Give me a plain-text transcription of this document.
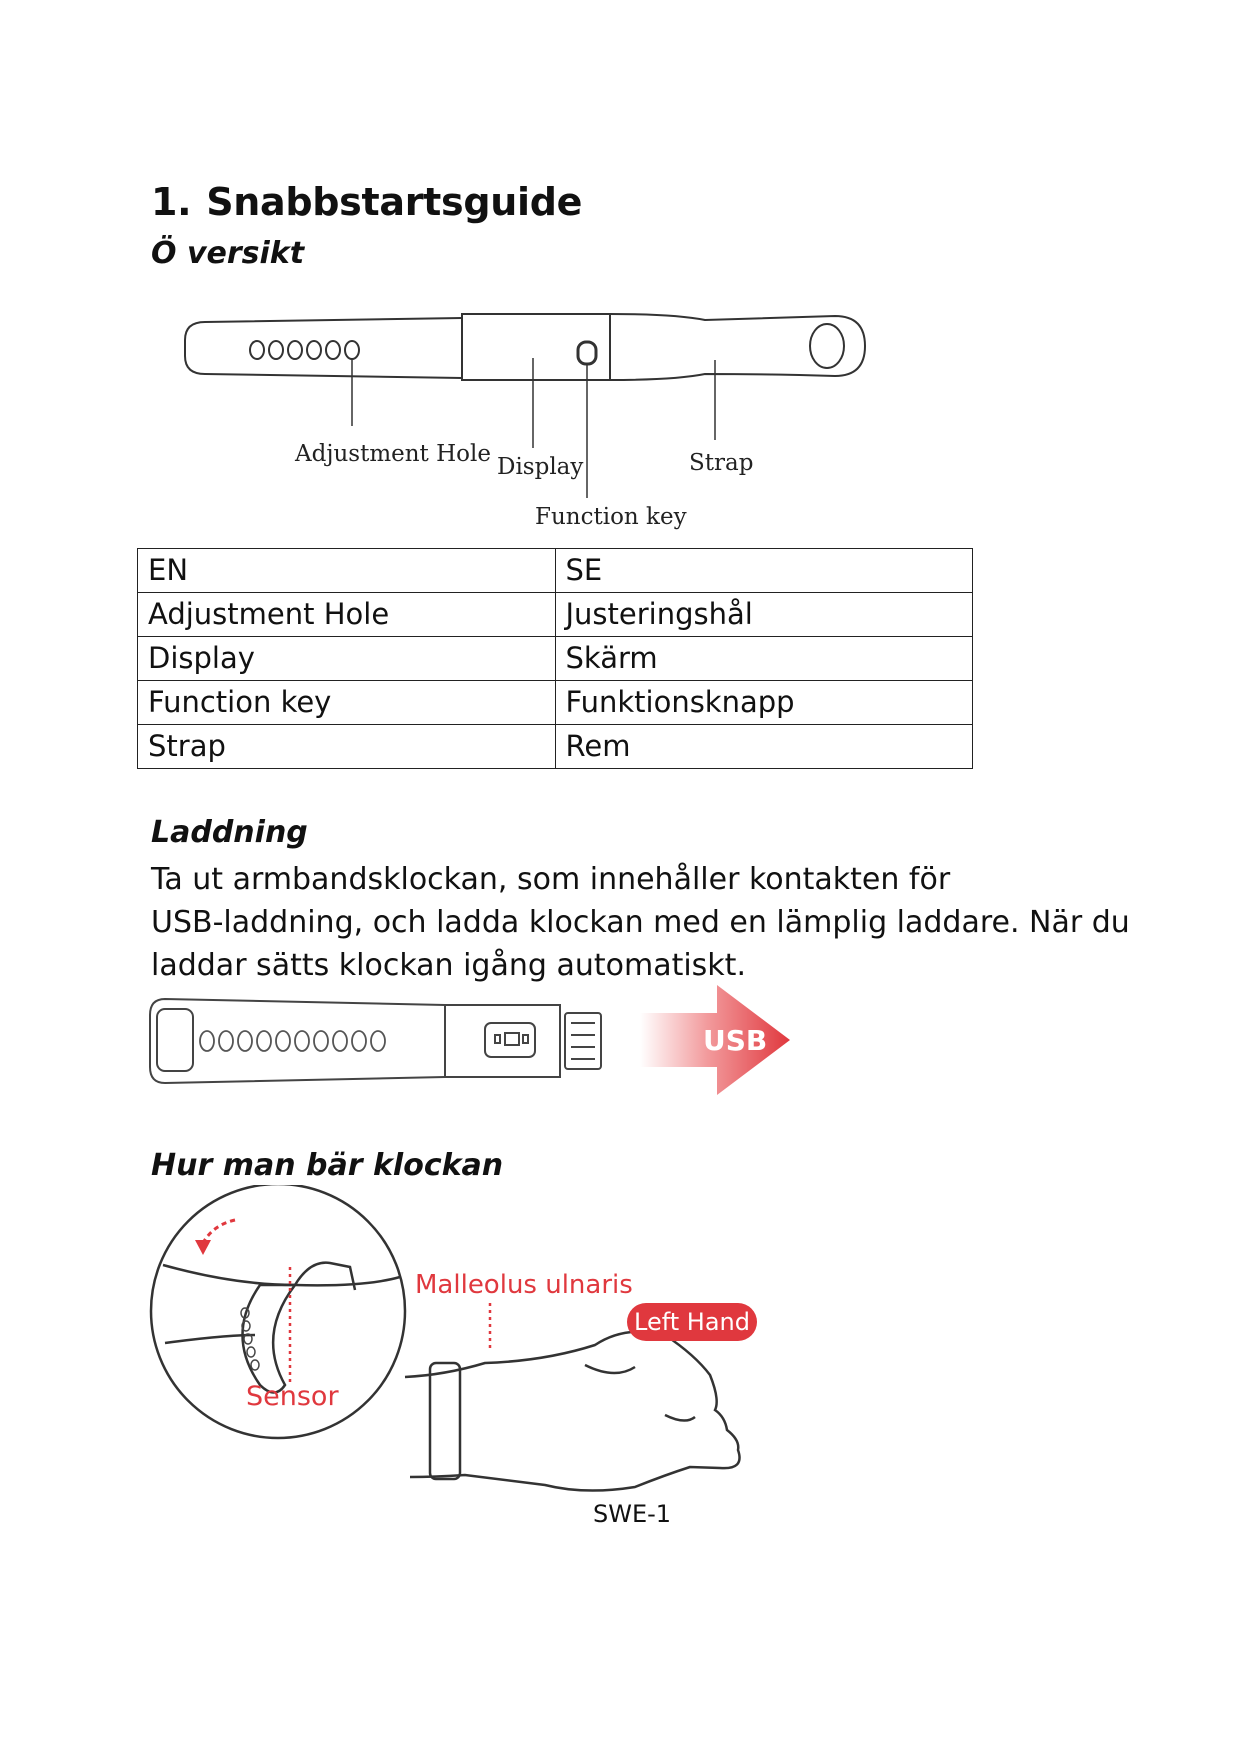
1. Snabbstartsguide
Ö versikt
Adjustment Hole Display	Strap
Function key
EN	SE
Adjustment Hole	Justeringshål
Display	Skärm
Function key	Funktionsknapp
Strap	Rem
Laddning
Ta ut armbandsklockan, som innehåller kontakten för
USB-laddning, och ladda klockan med en lämplig laddare. När du
laddar sätts klockan igång automatiskt.
USB
Hur man bär klockan
Sensor
Malleolus ulnaris
Left Hand
SWE-1
